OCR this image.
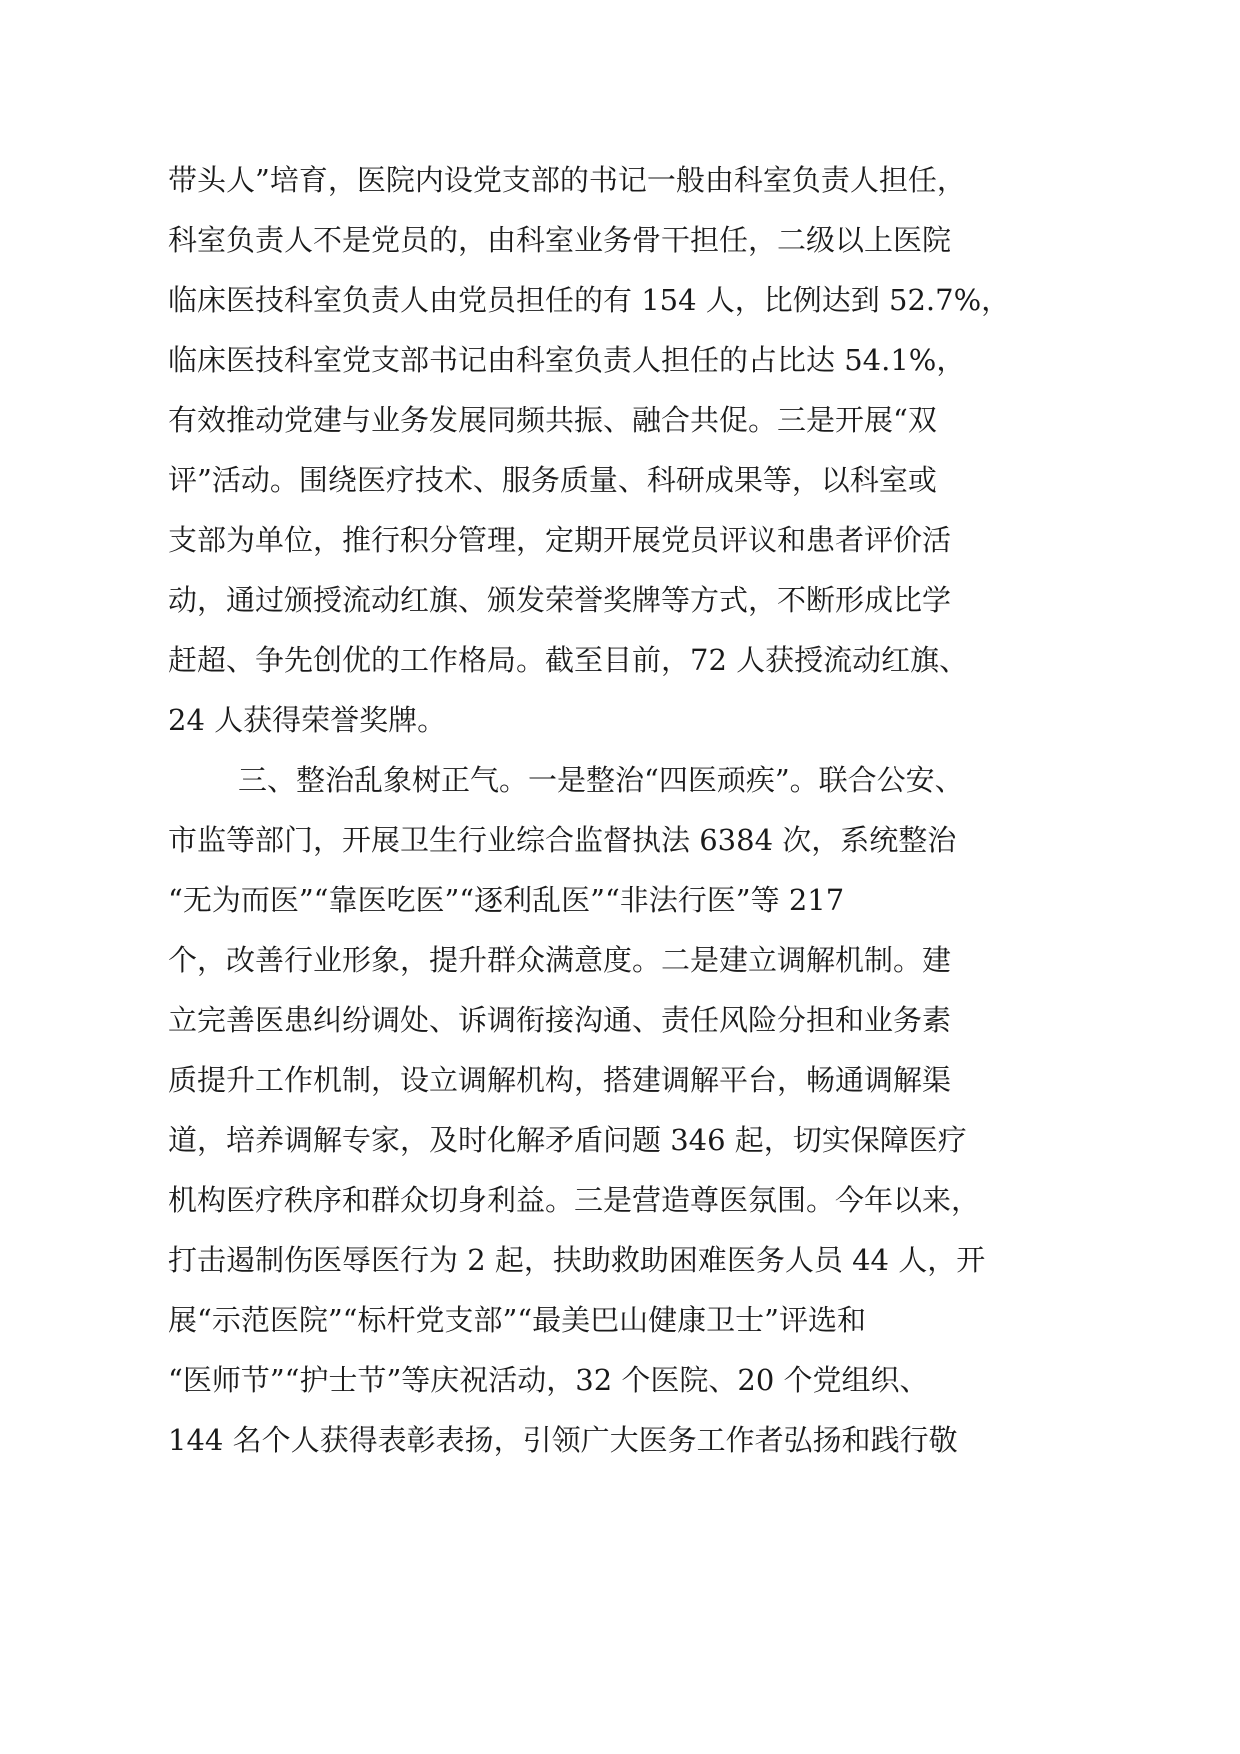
带头人”培育，医院内设党支部的书记一般由科室负责人担任，
科室负责人不是党员的，由科室业务骨干担任，二级以上医院
临床医技科室负责人由党员担任的有 154 人，比例达到 52.7%，
临床医技科室党支部书记由科室负责人担任的占比达 54.1%，
有效推动党建与业务发展同频共振、融合共促。三是开展“双
评”活动。围绕医疗技术、服务质量、科研成果等，以科室或
支部为单位，推行积分管理，定期开展党员评议和患者评价活
动，通过颁授流动红旗、颁发荣誉奖牌等方式，不断形成比学
赶超、争先创优的工作格局。截至目前，72 人获授流动红旗、
24 人获得荣誉奖牌。
三、整治乱象树正气。一是整治“四医顽疾”。联合公安、
市监等部门，开展卫生行业综合监督执法 6384 次，系统整治
“无为而医”“靠医吃医”“逐利乱医”“非法行医”等 217
个，改善行业形象，提升群众满意度。二是建立调解机制。建
立完善医患纠纷调处、诉调衔接沟通、责任风险分担和业务素
质提升工作机制，设立调解机构，搭建调解平台，畅通调解渠
道，培养调解专家，及时化解矛盾问题 346 起，切实保障医疗
机构医疗秩序和群众切身利益。三是营造尊医氛围。今年以来，
打击遏制伤医辱医行为 2 起，扶助救助困难医务人员 44 人，开
展“示范医院”“标杆党支部”“最美巴山健康卫士”评选和
“医师节”“护士节”等庆祝活动，32 个医院、20 个党组织、
144 名个人获得表彰表扬，引领广大医务工作者弘扬和践行敬
